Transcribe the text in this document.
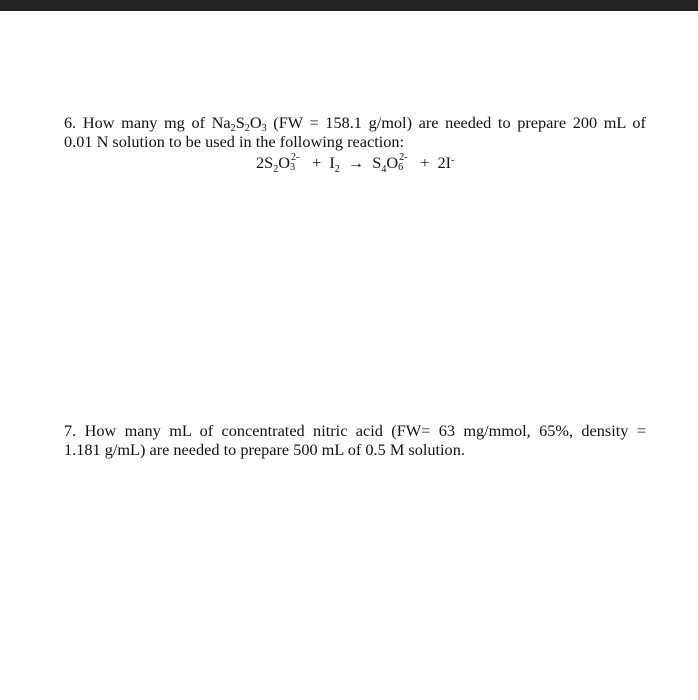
6. How many mg of $Na_2S_2O_3$ (FW = 158.1 g/mol) are needed to prepare 200 mL of
0.01 N solution to be used in the following reaction:
$2S_2O$ 3
$2- + I_2 \to S_4O$ 6
2- + 2I-
7. How many mL of concentrated nitric acid (FW= 63 mg/mmol, 65%, density =
1.181 g/mL) are needed to prepare 500 mL of 0.5 M solution.
